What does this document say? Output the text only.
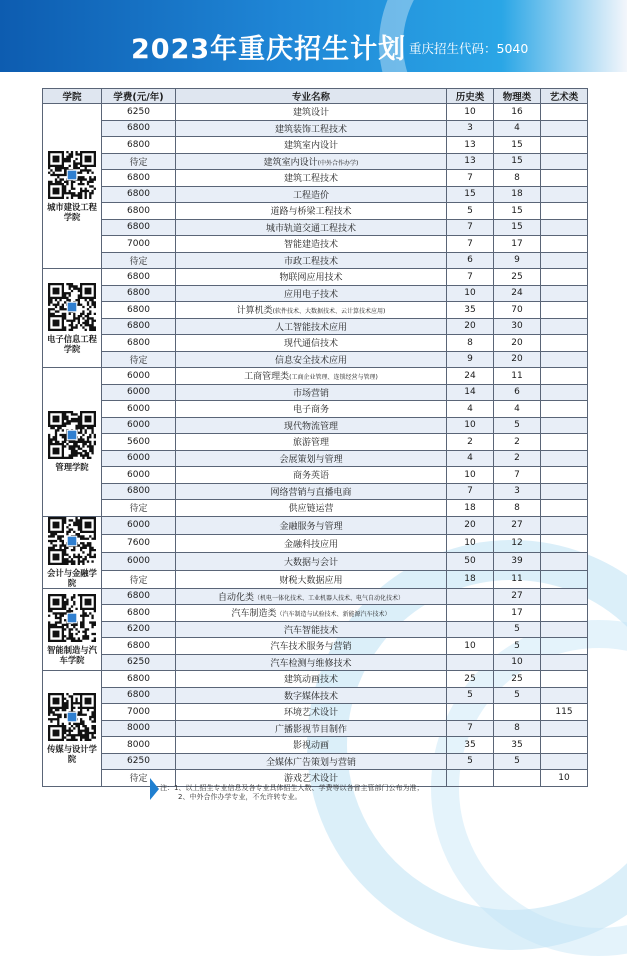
2023年重庆招生计划 重庆招生代码：5040
学院	学费(元/年)	专业名称	历史类	物理类	艺术类

城市建设工程学院	6250	建筑设计	10	16	
	6800	建筑装饰工程技术	3	4	
	6800	建筑室内设计	13	15	
	待定	建筑室内设计(中外合作办学)	13	15	
	6800	建筑工程技术	7	8	
	6800	工程造价	15	18	
	6800	道路与桥梁工程技术	5	15	
	6800	城市轨道交通工程技术	7	15	
	7000	智能建造技术	7	17	
	待定	市政工程技术	6	9	

电子信息工程学院	6800	物联网应用技术	7	25	
	6800	应用电子技术	10	24	
	6800	计算机类(软件技术、大数据技术、云计算技术应用)	35	70	
	6800	人工智能技术应用	20	30	
	6800	现代通信技术	8	20	
	待定	信息安全技术应用	9	20	

管理学院	6000	工商管理类(工商企业管理、连锁经营与管理)	24	11	
	6000	市场营销	14	6	
	6000	电子商务	4	4	
	6000	现代物流管理	10	5	
	5600	旅游管理	2	2	
	6000	会展策划与管理	4	2	
	6000	商务英语	10	7	
	6800	网络营销与直播电商	7	3	
	待定	供应链运营	18	8	

会计与金融学院	6000	金融服务与管理	20	27	
	7600	金融科技应用	10	12	
	6000	大数据与会计	50	39	
	待定	财税大数据应用	18	11	

智能制造与汽车学院	6800	自动化类（机电一体化技术、工业机器人技术、电气自动化技术）		27	
	6800	汽车制造类（汽车制造与试验技术、新能源汽车技术）		17	
	6200	汽车智能技术		5	
	6800	汽车技术服务与营销	10	5	
	6250	汽车检测与维修技术		10	

传媒与设计学院	6800	建筑动画技术	25	25	
	6800	数字媒体技术	5	5	
	7000	环境艺术设计			115
	8000	广播影视节目制作	7	8	
	8000	影视动画	35	35	
	6250	全媒体广告策划与营销	5	5	
	待定	游戏艺术设计			10
注：1、以上招生专业信息及各专业具体招生人数、学费等以各省主管部门公布为准；
2、中外合作办学专业，不允许转专业。
